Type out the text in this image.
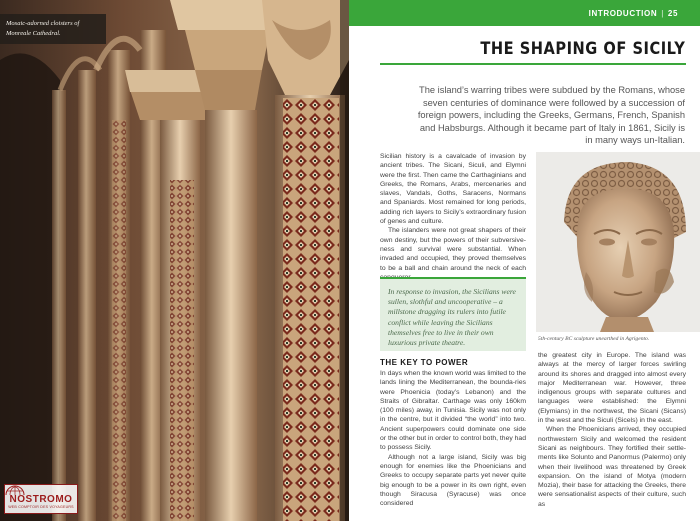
Mosaic-adorned cloisters of Monreale Cathedral.
NOSTROMO
WEB COMPTOIR DES VOYAGEURS
INTRODUCTION | 25
THE SHAPING OF SICILY

The island’s warring tribes were subdued by the Romans, whose seven centuries of dominance were followed by a succession of foreign powers, including the Greeks, Germans, French, Spanish and Habsburgs. Although it became part of Italy in 1861, Sicily is in many ways un-Italian.

Sicilian history is a cavalcade of invasion by ancient tribes. The Sicani, Siculi, and Elymni were the first. Then came the Carthaginians and Greeks, the Romans, Arabs, mercenaries and slaves, Vandals, Goths, Saracens, Normans and Spaniards. Most remained for long periods, adding rich layers to Sicily’s extraordinary fusion of genes and culture.

The islanders were not great shapers of their own destiny, but the powers of their subversive-ness and survival were substantial. When invaded and occupied, they proved themselves to be a ball and chain around the neck of each

In response to invasion, the Sicilians were sullen, slothful and uncooperative – a millstone dragging its rulers into futile conflict while leaving the Sicilians themselves free to live in their own luxurious private theatre.
THE KEY TO POWER

In days when the known world was limited to the lands lining the Mediterranean, the bounda-ries were Phoenicia (today’s Lebanon) and the Straits of Gibraltar. Carthage was only 160km (100 miles) away, in Tunisia. Sicily was not only in the centre, but it divided “the world” into two. Ancient superpowers could dominate one side or the other but in order to control both, they had to possess Sicily.

Although not a large island, Sicily was big enough for enemies like the Phoenicians and Greeks to occupy separate parts yet never quite big enough to be a power in its own right, even though Siracusa (Syracuse) was once considered

5th-century BC sculpture unearthed in Agrigento.

the greatest city in Europe. The island was always at the mercy of larger forces swirling around its shores and dragged into almost every major Mediterranean war. However, three indigenous groups with separate cultures and languages were established: the Elymni (Elymians) in the northwest, the Sicani (Sicans) in the west and the Siculi (Sicels) in the east.

When the Phoenicians arrived, they occupied northwestern Sicily and welcomed the resident Sicani as neighbours. They fortified their settle-ments like Soluntο and Panormus (Palermo) only when their livelihood was threatened by Greek expansion. On the island of Motya (modern Mozia), their base for attacking the Greeks, there were sensationalist aspects of their culture, such as
